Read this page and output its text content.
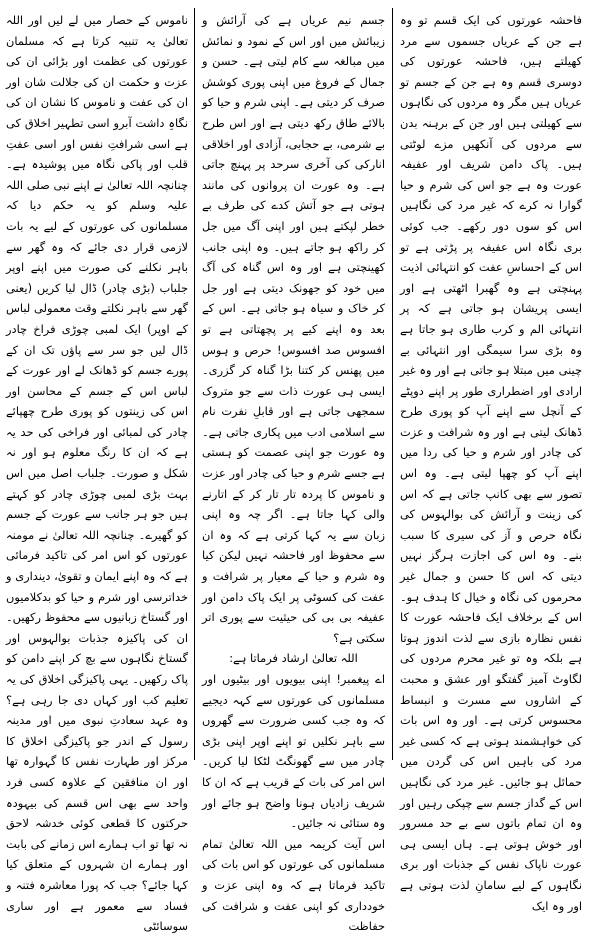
فاحشہ عورتوں کی ایک قسم تو وہ ہے جن کے عریاں جسموں سے مرد کھیلتے ہیں، فاحشہ عورتوں کی دوسری قسم وہ ہے جن کے جسم تو عریاں ہیں مگر وہ مردوں کی نگاہوں سے کھیلتی ہیں اور جن کے برہنہ بدن سے مردوں کی آنکھیں مزے لوٹتی ہیں۔ پاک دامن شریف اور عفیفہ عورت وہ ہے جو اس کی شرم و حیا گوارا نہ کرے کہ غیر مرد کی نگاہیں اس کو سوں دور رکھے۔ جب کوئی بری نگاہ اس عفیفہ پر پڑتی ہے تو اس کے احساسِ عفت کو انتہائی اذیت پہنچتی ہے وہ گھبرا اٹھتی ہے اور ایسی پریشان ہو جاتی ہے کہ پر انتہائی الم و کرب طاری ہو جاتا ہے وہ بڑی سرا سیمگی اور انتہائی بے چینی میں مبتلا ہو جاتی ہے اور وہ غیر ارادی اور اضطراری طور پر اپنے دوپٹے کے آنچل سے اپنے آپ کو پوری طرح ڈھانک لیتی ہے اور وہ شرافت و عزت کی چادر اور شرم و حیا کی ردا میں اپنے آپ کو چھپا لیتی ہے۔ وہ اس تصور سے بھی کانپ جاتی ہے کہ اس کی زینت و آرائش کی بوالہوس کی نگاہ حرص و آز کی سیری کا سبب بنے۔ وہ اس کی اجازت ہرگز نہیں دیتی کہ اس کا حسن و جمال غیر محرموں کی نگاہ و خیال کا ہدف ہو۔ اس کے برخلاف ایک فاحشہ عورت کا نفس نظارہ بازی سے لذت اندوز ہوتا ہے بلکہ وہ تو غیر محرم مردوں کی لگاوٹ آمیز گفتگو اور عشق و محبت کے اشاروں سے مسرت و انبساط محسوس کرتی ہے۔ اور وہ اس بات کی خواہشمند ہوتی ہے کہ کسی غیر مرد کی باہیں اس کی گردن میں حمائل ہو جائیں۔ غیر مرد کی نگاہیں اس کے گداز جسم سے چپکی رہیں اور وہ ان تمام باتوں سے بے حد مسرور اور خوش ہوتی ہے۔ ہاں ایسی ہی عورت ناپاک نفس کے جذبات اور بری نگاہوں کے لیے سامانِ لذت ہوتی ہے اور وہ ایک

جسم نیم عریاں ہے کی آرائش و زیبائش میں اور اس کے نمود و نمائش میں مبالغہ سے کام لیتی ہے۔ حسن و جمال کے فروغ میں اپنی پوری کوشش صرف کر دیتی ہے۔ اپنی شرم و حیا کو بالائے طاق رکھ دیتی ہے اور اس طرح بے شرمی، بے حجابی، آزادی اور اخلاقی انارکی کی آخری سرحد پر پہنچ جاتی ہے۔ وہ عورت ان پروانوں کی مانند ہوتی ہے جو آتش کدے کی طرف بے خطر لپکتے ہیں اور اپنی آگ میں جل کر راکھ ہو جاتے ہیں۔ وہ اپنی جانب کھینچتی ہے اور وہ اس گناہ کی آگ میں خود کو جھونک دیتی ہے اور جل کر خاک و سیاہ ہو جاتی ہے۔ اس کے بعد وہ اپنے کیے پر پچھتاتی ہے تو افسوس صد افسوس! حرص و ہوس میں پھنس کر کتنا بڑا گناہ کر گزری۔ ایسی ہی عورت ذات سے جو متروک سمجھی جاتی ہے اور قابلِ نفرت نام سے اسلامی ادب میں پکاری جاتی ہے۔ وہ عورت جو اپنی عصمت کو ہستی ہے جسے شرم و حیا کی چادر اور عزت و ناموس کا پردہ تار تار کر کے اتارنے والی کہا جاتا ہے۔ اگر چہ وہ اپنی زبان سے یہ کہا کرتی ہے کہ وہ ان سے محفوظ اور فاحشہ نہیں لیکن کیا وہ شرم و حیا کے معیار پر شرافت و عفت کی کسوٹی پر ایک پاک دامن اور عفیفہ بی بی کی حیثیت سے پوری اتر سکتی ہے؟

اللہ تعالیٰ ارشاد فرماتا ہے:

اے پیغمبر! اپنی بیویوں اور بیٹیوں اور مسلمانوں کی عورتوں سے کہہ دیجیے کہ وہ جب کسی ضرورت سے گھروں سے باہر نکلیں تو اپنے اوپر اپنی بڑی چادر میں سے گھونگٹ لٹکا لیا کریں۔ اس امر کی بات کے قریب ہے کہ ان کا شریف زادیاں ہونا واضح ہو جائے اور وہ ستائی نہ جائیں۔

اس آیت کریمہ میں اللہ تعالیٰ تمام مسلمانوں کی عورتوں کو اس بات کی تاکید فرماتا ہے کہ وہ اپنی عزت و خودداری کو اپنی عفت و شرافت کی حفاظت

ناموس کے حصار میں لے لیں اور اللہ تعالیٰ یہ تنبیہ کرتا ہے کہ مسلمان عورتوں کی عظمت اور بڑائی ان کی عزت و حکمت ان کی جلالت شان اور ان کی عفت و ناموس کا نشان ان کی نگاہِ داشت آبرو اسی تطہیر اخلاق کی ہے اسی شرافتِ نفس اور اسی عفتِ قلب اور پاکی نگاہ میں پوشیدہ ہے۔ چنانچہ اللہ تعالیٰ نے اپنے نبی صلی اللہ علیہ وسلم کو یہ حکم دیا کہ مسلمانوں کی عورتوں کے لیے یہ بات لازمی قرار دی جائے کہ وہ گھر سے باہر نکلنے کی صورت میں اپنے اوپر جلباب (بڑی چادر) ڈال لیا کریں (یعنی گھر سے باہر نکلتے وقت معمولی لباس کے اوپر) ایک لمبی چوڑی فراخ چادر ڈال لیں جو سر سے پاؤں تک ان کے پورے جسم کو ڈھانک لے اور عورت کے لباس اس کے جسم کے محاسن اور اس کی زینتوں کو پوری طرح چھپائے چادر کی لمبائی اور فراخی کی حد یہ ہے کہ ان کا رنگ معلوم ہو اور نہ شکل و صورت۔ جلباب اصل میں اس بہت بڑی لمبی چوڑی چادر کو کہتے ہیں جو ہر جانب سے عورت کے جسم کو گھیرے۔ چنانچہ اللہ تعالیٰ نے مومنہ عورتوں کو اس امر کی تاکید فرمائی ہے کہ وہ اپنے ایمان و تقویٰ، دینداری و خداترسی اور شرم و حیا کو بدکلامیوں اور گستاخ زبانیوں سے محفوظ رکھیں۔ ان کی پاکیزہ جذبات بوالہوس اور گستاخ نگاہوں سے بچ کر اپنے دامن کو پاک رکھیں۔ یہی پاکیزگی اخلاق کی یہ تعلیم کب اور کہاں دی جا رہی ہے؟ وہ عہد سعادتِ نبوی میں اور مدینہ رسول کے اندر جو پاکیزگی اخلاق کا مرکز اور طہارت نفس کا گہوارہ تھا اور ان منافقین کے علاوہ کسی فرد واحد سے بھی اس قسم کی بیہودہ حرکتوں کا قطعی کوئی خدشہ لاحق نہ تھا تو اب ہمارے اس زمانے کی بابت اور ہمارے ان شہروں کے متعلق کیا کہا جائے؟ جب کہ پورا معاشرہ فتنہ و فساد سے معمور ہے اور ساری سوسائٹی
